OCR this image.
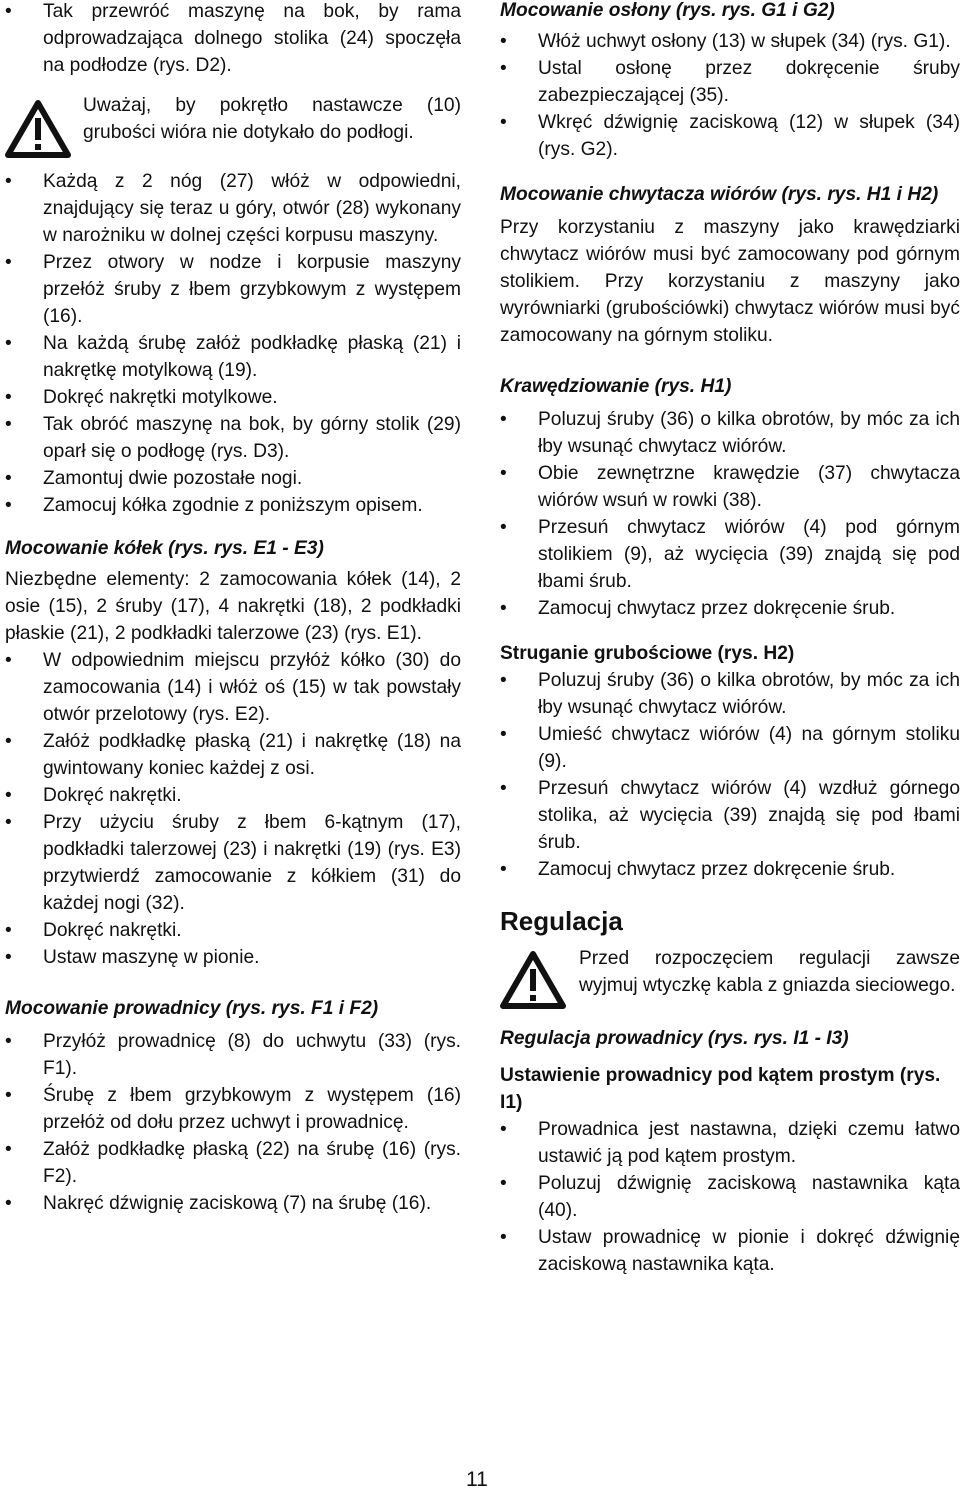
• Tak przewróć maszynę na bok, by rama odprowadzająca dolnego stolika (24) spoczęła na podłodze (rys. D2).
Uważaj, by pokrętło nastawcze (10) grubości wióra nie dotykało do podłogi.
• Każdą z 2 nóg (27) włóż w odpowiedni, znajdujący się teraz u góry, otwór (28) wykonany w narożniku w dolnej części korpusu maszyny.
• Przez otwory w nodze i korpusie maszyny przełóż śruby z łbem grzybkowym z występem (16).
• Na każdą śrubę załóż podkładkę płaską (21) i nakrętkę motylkową (19).
• Dokręć nakrętki motylkowe.
• Tak obróć maszynę na bok, by górny stolik (29) oparł się o podłogę (rys. D3).
• Zamontuj dwie pozostałe nogi.
• Zamocuj kółka zgodnie z poniższym opisem.
Mocowanie kółek (rys. rys. E1 - E3)
Niezbędne elementy: 2 zamocowania kółek (14), 2 osie (15), 2 śruby (17), 4 nakrętki (18), 2 podkładki płaskie (21), 2 podkładki talerzowe (23) (rys. E1).
• W odpowiednim miejscu przyłóż kółko (30) do zamocowania (14) i włóż oś (15) w tak powstały otwór przelotowy (rys. E2).
• Załóż podkładkę płaską (21) i nakrętkę (18) na gwintowany koniec każdej z osi.
• Dokręć nakrętki.
• Przy użyciu śruby z łbem 6-kątnym (17), podkładki talerzowej (23) i nakrętki (19) (rys. E3) przytwierdź zamocowanie z kółkiem (31) do każdej nogi (32).
• Dokręć nakrętki.
• Ustaw maszynę w pionie.
Mocowanie prowadnicy (rys. rys. F1 i F2)
• Przyłóż prowadnicę (8) do uchwytu (33) (rys. F1).
• Śrubę z łbem grzybkowym z występem (16) przełóż od dołu przez uchwyt i prowadnicę.
• Załóż podkładkę płaską (22) na śrubę (16) (rys. F2).
• Nakręć dźwignię zaciskową (7) na śrubę (16).
Mocowanie osłony (rys. rys. G1 i G2)
• Włóż uchwyt osłony (13) w słupek (34) (rys. G1).
• Ustal osłonę przez dokręcenie śruby zabezpieczającej (35).
• Wkręć dźwignię zaciskową (12) w słupek (34) (rys. G2).
Mocowanie chwytacza wiórów (rys. rys. H1 i H2)
Przy korzystaniu z maszyny jako krawędziarki chwytacz wiórów musi być zamocowany pod górnym stolikiem. Przy korzystaniu z maszyny jako wyrówniarki (grubościówki) chwytacz wiórów musi być zamocowany na górnym stoliku.
Krawędziowanie (rys. H1)
• Poluzuj śruby (36) o kilka obrotów, by móc za ich łby wsunąć chwytacz wiórów.
• Obie zewnętrzne krawędzie (37) chwytacza wiórów wsuń w rowki (38).
• Przesuń chwytacz wiórów (4) pod górnym stolikiem (9), aż wycięcia (39) znajdą się pod łbami śrub.
• Zamocuj chwytacz przez dokręcenie śrub.
Struganie grubościowe (rys. H2)
• Poluzuj śruby (36) o kilka obrotów, by móc za ich łby wsunąć chwytacz wiórów.
• Umieść chwytacz wiórów (4) na górnym stoliku (9).
• Przesuń chwytacz wiórów (4) wzdłuż górnego stolika, aż wycięcia (39) znajdą się pod łbami śrub.
• Zamocuj chwytacz przez dokręcenie śrub.
Regulacja
Przed rozpoczęciem regulacji zawsze wyjmuj wtyczkę kabla z gniazda sieciowego.
Regulacja prowadnicy (rys. rys. I1 - I3)
Ustawienie prowadnicy pod kątem prostym (rys. I1)
• Prowadnica jest nastawna, dzięki czemu łatwo ustawić ją pod kątem prostym.
• Poluzuj dźwignię zaciskową nastawnika kąta (40).
• Ustaw prowadnicę w pionie i dokręć dźwignię zaciskową nastawnika kąta.
11
